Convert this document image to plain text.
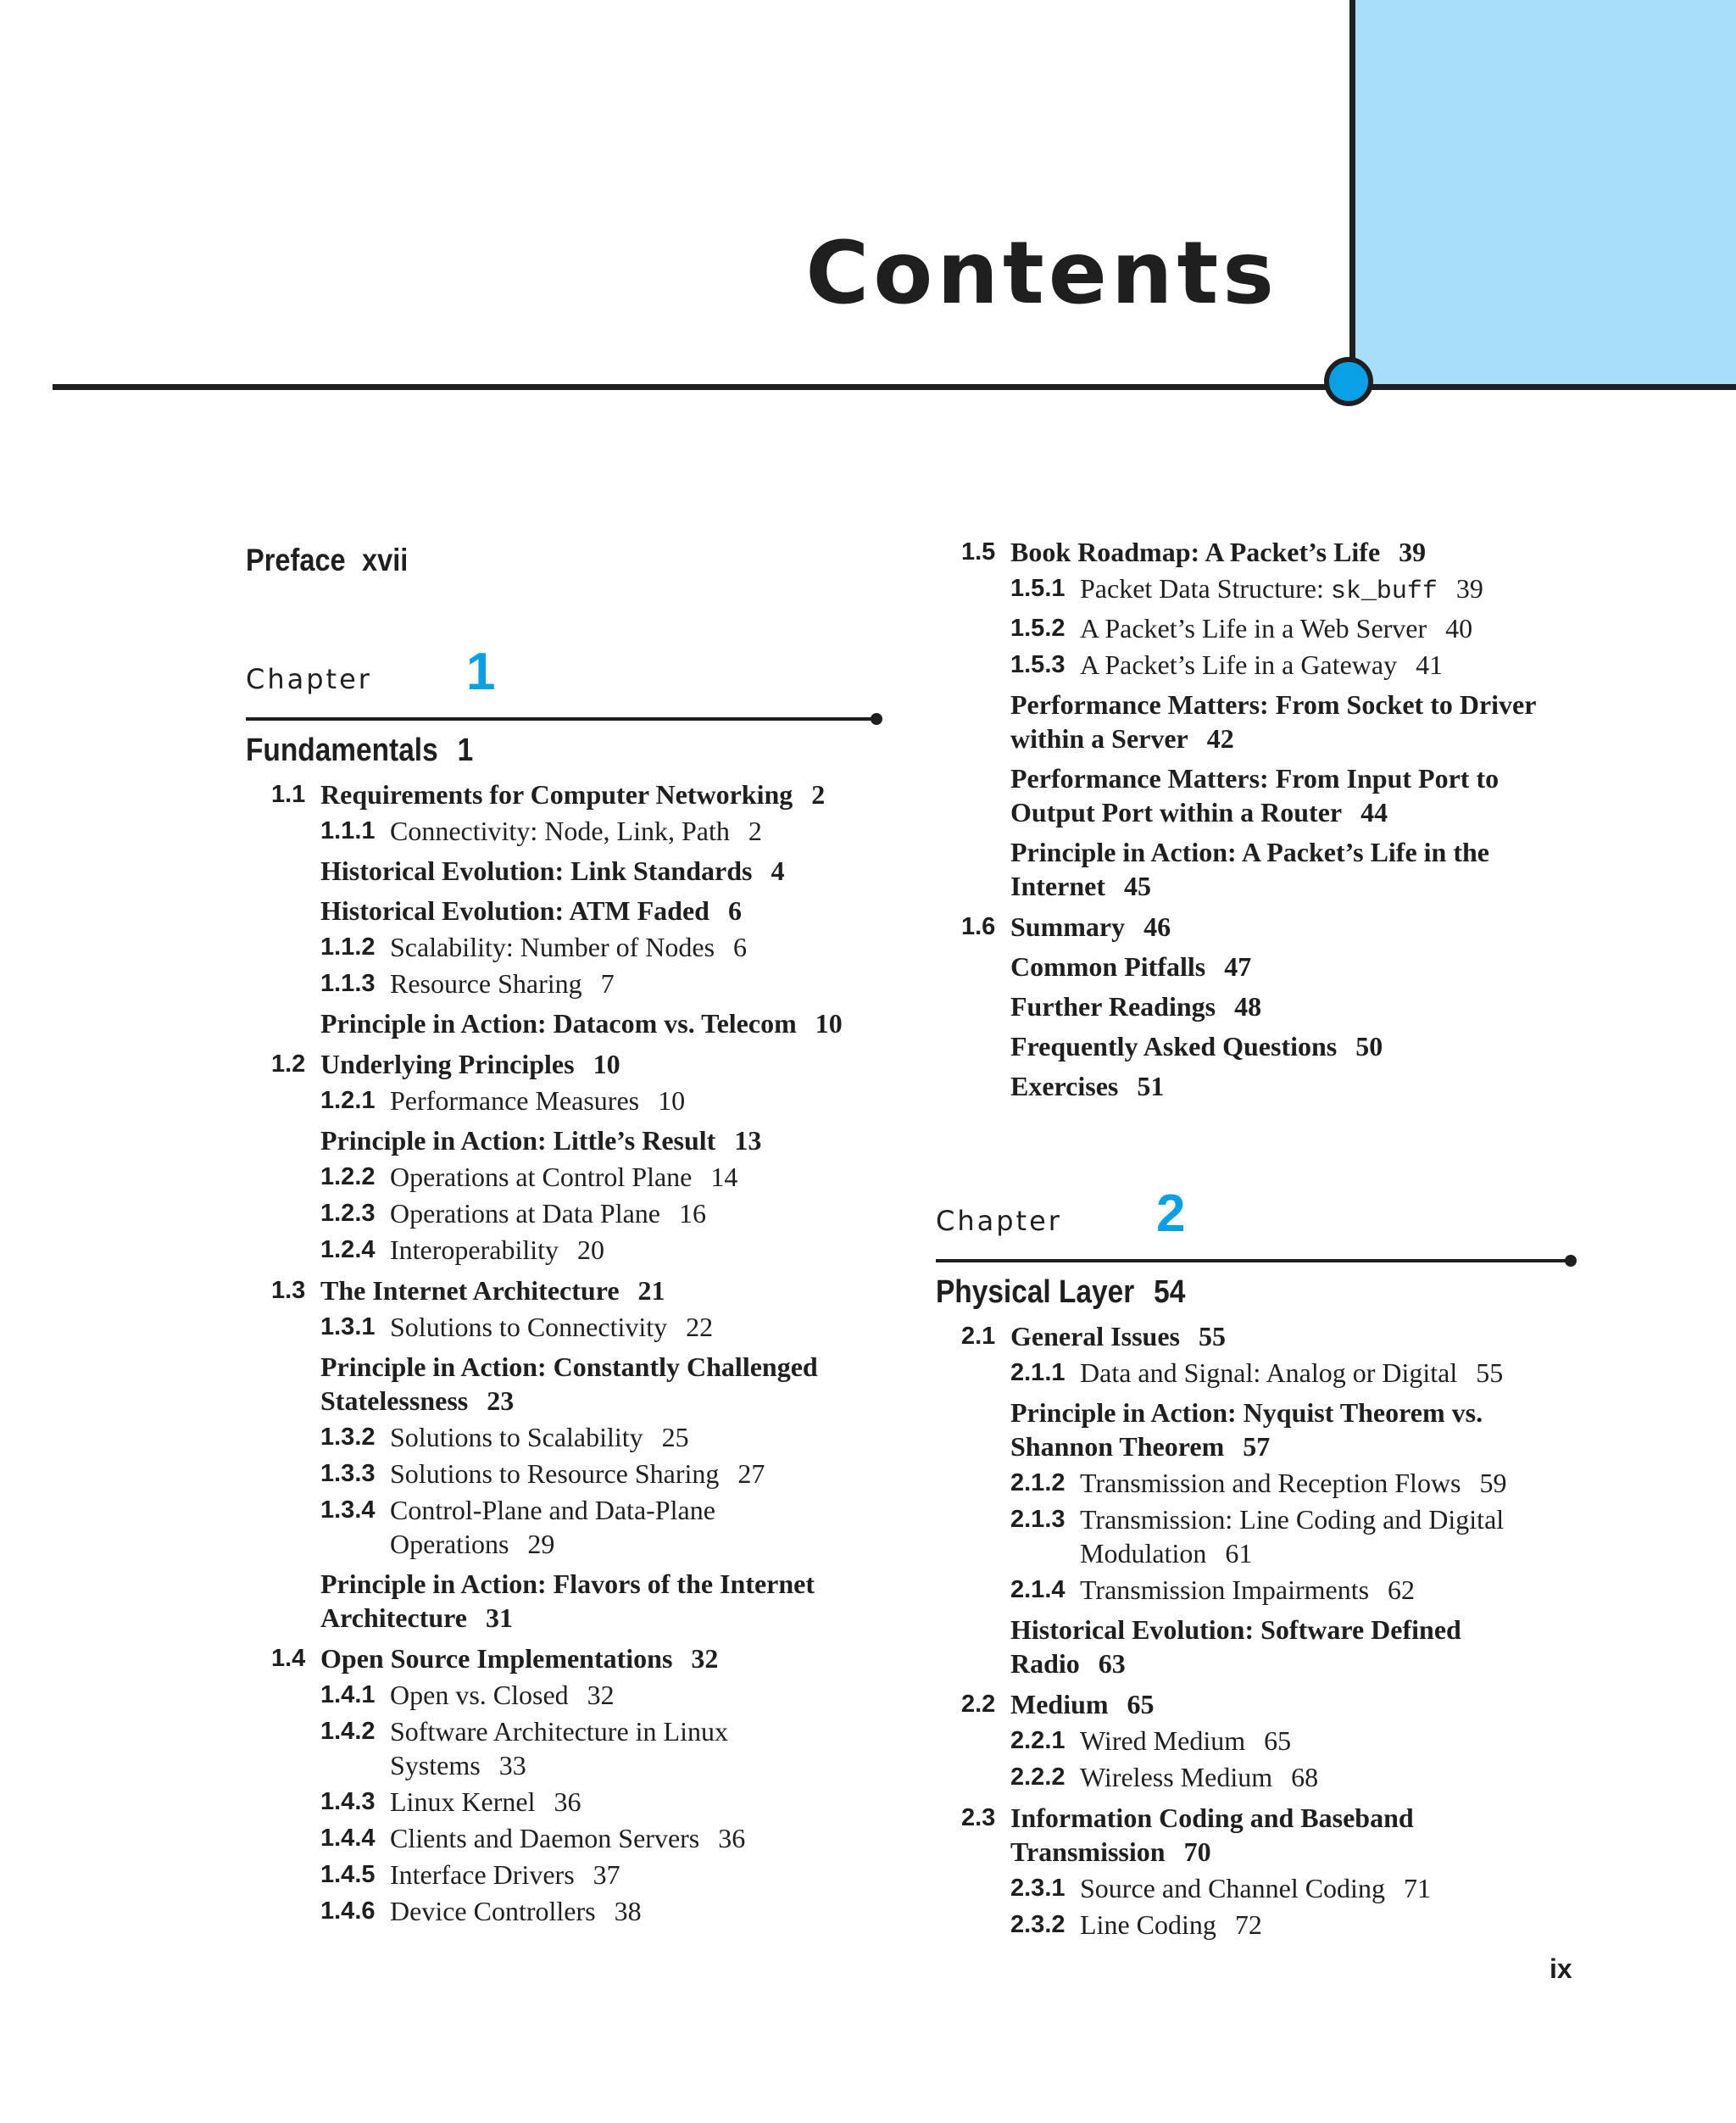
Contents
Preface xvii
Chapter 1
Fundamentals 1
1.1 Requirements for Computer Networking 2
1.1.1 Connectivity: Node, Link, Path 2
Historical Evolution: Link Standards 4
Historical Evolution: ATM Faded 6
1.1.2 Scalability: Number of Nodes 6
1.1.3 Resource Sharing 7
Principle in Action: Datacom vs. Telecom 10
1.2 Underlying Principles 10
1.2.1 Performance Measures 10
Principle in Action: Little’s Result 13
1.2.2 Operations at Control Plane 14
1.2.3 Operations at Data Plane 16
1.2.4 Interoperability 20
1.3 The Internet Architecture 21
1.3.1 Solutions to Connectivity 22
Principle in Action: Constantly Challenged
Statelessness 23
1.3.2 Solutions to Scalability 25
1.3.3 Solutions to Resource Sharing 27
1.3.4 Control-Plane and Data-Plane
Operations 29
Principle in Action: Flavors of the Internet
Architecture 31
1.4 Open Source Implementations 32
1.4.1 Open vs. Closed 32
1.4.2 Software Architecture in Linux
Systems 33
1.4.3 Linux Kernel 36
1.4.4 Clients and Daemon Servers 36
1.4.5 Interface Drivers 37
1.4.6 Device Controllers 38
1.5 Book Roadmap: A Packet’s Life 39
1.5.1 Packet Data Structure: sk_buff 39
1.5.2 A Packet’s Life in a Web Server 40
1.5.3 A Packet’s Life in a Gateway 41
Performance Matters: From Socket to Driver
within a Server 42
Performance Matters: From Input Port to
Output Port within a Router 44
Principle in Action: A Packet’s Life in the
Internet 45
1.6 Summary 46
Common Pitfalls 47
Further Readings 48
Frequently Asked Questions 50
Exercises 51
Chapter 2
Physical Layer 54
2.1 General Issues 55
2.1.1 Data and Signal: Analog or Digital 55
Principle in Action: Nyquist Theorem vs.
Shannon Theorem 57
2.1.2 Transmission and Reception Flows 59
2.1.3 Transmission: Line Coding and Digital
Modulation 61
2.1.4 Transmission Impairments 62
Historical Evolution: Software Defined
Radio 63
2.2 Medium 65
2.2.1 Wired Medium 65
2.2.2 Wireless Medium 68
2.3 Information Coding and Baseband
Transmission 70
2.3.1 Source and Channel Coding 71
2.3.2 Line Coding 72
ix
